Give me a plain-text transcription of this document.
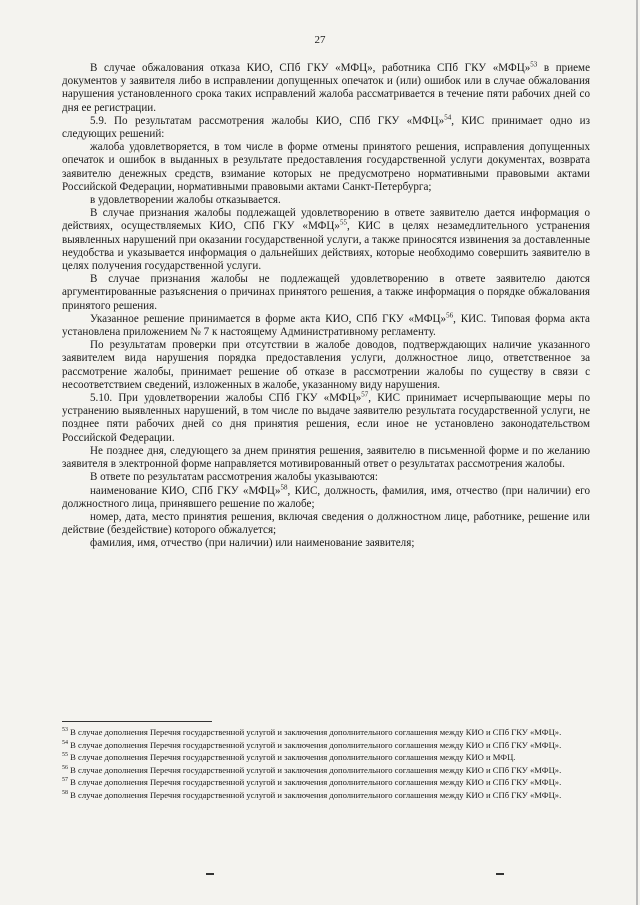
27

В случае обжалования отказа КИО, СПб ГКУ «МФЦ», работника СПб ГКУ «МФЦ»$^{53}$ в приеме документов у заявителя либо в исправлении допущенных опечаток и (или) ошибок или в случае обжалования нарушения установленного срока таких исправлений жалоба рассматривается в течение пяти рабочих дней со дня ее регистрации.

5.9. По результатам рассмотрения жалобы КИО, СПб ГКУ «МФЦ»$^{54}$, КИС принимает одно из следующих решений:

жалоба удовлетворяется, в том числе в форме отмены принятого решения, исправления допущенных опечаток и ошибок в выданных в результате предоставления государственной услуги документах, возврата заявителю денежных средств, взимание которых не предусмотрено нормативными правовыми актами Российской Федерации, нормативными правовыми актами Санкт-Петербурга;

в удовлетворении жалобы отказывается.

В случае признания жалобы подлежащей удовлетворению в ответе заявителю дается информация о действиях, осуществляемых КИО, СПб ГКУ «МФЦ»$^{55}$, КИС в целях незамедлительного устранения выявленных нарушений при оказании государственной услуги, а также приносятся извинения за доставленные неудобства и указывается информация о дальнейших действиях, которые необходимо совершить заявителю в целях получения государственной услуги.

В случае признания жалобы не подлежащей удовлетворению в ответе заявителю даются аргументированные разъяснения о причинах принятого решения, а также информация о порядке обжалования принятого решения.

Указанное решение принимается в форме акта КИО, СПб ГКУ «МФЦ»$^{56}$, КИС. Типовая форма акта установлена приложением № 7 к настоящему Административному регламенту.

По результатам проверки при отсутствии в жалобе доводов, подтверждающих наличие указанного заявителем вида нарушения порядка предоставления услуги, должностное лицо, ответственное за рассмотрение жалобы, принимает решение об отказе в рассмотрении жалобы по существу в связи с несоответствием сведений, изложенных в жалобе, указанному виду нарушения.

5.10. При удовлетворении жалобы СПб ГКУ «МФЦ»$^{57}$, КИС принимает исчерпывающие меры по устранению выявленных нарушений, в том числе по выдаче заявителю результата государственной услуги, не позднее пяти рабочих дней со дня принятия решения, если иное не установлено законодательством Российской Федерации.

Не позднее дня, следующего за днем принятия решения, заявителю в письменной форме и по желанию заявителя в электронной форме направляется мотивированный ответ о результатах рассмотрения жалобы.

В ответе по результатам рассмотрения жалобы указываются:

наименование КИО, СПб ГКУ «МФЦ»$^{58}$, КИС, должность, фамилия, имя, отчество (при наличии) его должностного лица, принявшего решение по жалобе;

номер, дата, место принятия решения, включая сведения о должностном лице, работнике, решение или действие (бездействие) которого обжалуется;

фамилия, имя, отчество (при наличии) или наименование заявителя;

$^{53}$ В случае дополнения Перечня государственной услугой и заключения дополнительного соглашения между КИО и СПб ГКУ «МФЦ».

$^{54}$ В случае дополнения Перечня государственной услугой и заключения дополнительного соглашения между КИО и СПб ГКУ «МФЦ».

$^{55}$ В случае дополнения Перечня государственной услугой и заключения дополнительного соглашения между КИО и МФЦ.

$^{56}$ В случае дополнения Перечня государственной услугой и заключения дополнительного соглашения между КИО и СПб ГКУ «МФЦ».

$^{57}$ В случае дополнения Перечня государственной услугой и заключения дополнительного соглашения между КИО и СПб ГКУ «МФЦ».

$^{58}$ В случае дополнения Перечня государственной услугой и заключения дополнительного соглашения между КИО и СПб ГКУ «МФЦ».
